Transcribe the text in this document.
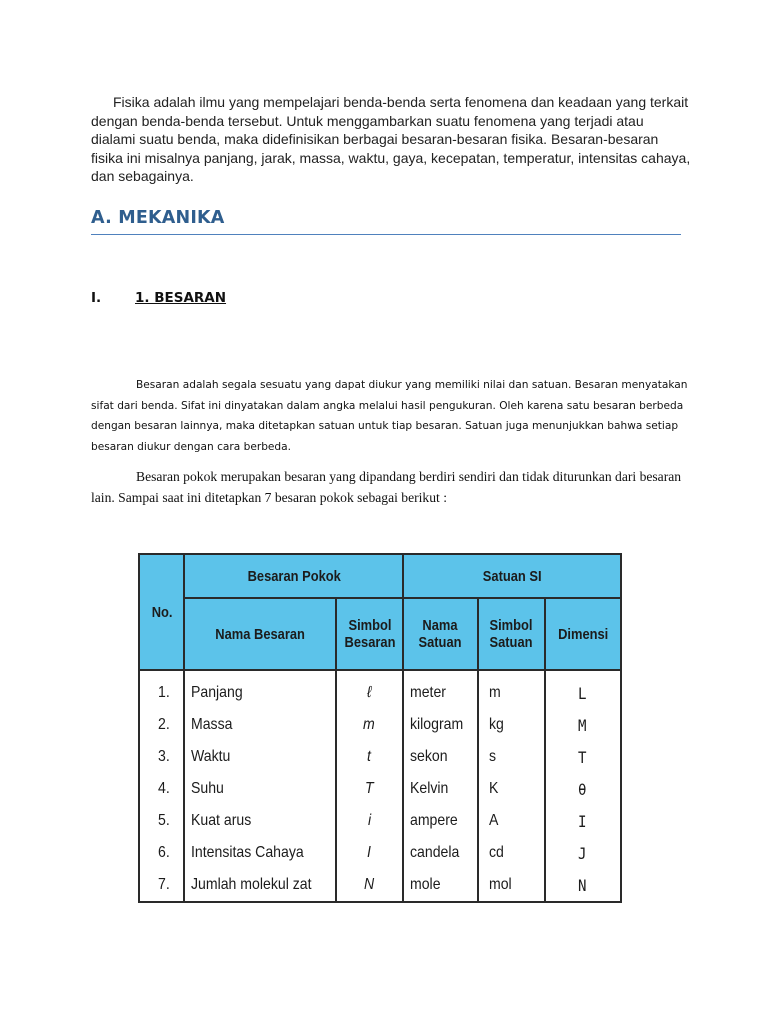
Fisika adalah ilmu yang mempelajari benda-benda serta fenomena dan keadaan yang terkait dengan benda-benda tersebut. Untuk menggambarkan suatu fenomena yang terjadi atau dialami suatu benda, maka didefinisikan berbagai besaran-besaran fisika. Besaran-besaran fisika ini misalnya panjang, jarak, massa, waktu, gaya, kecepatan, temperatur, intensitas cahaya, dan sebagainya.
A. MEKANIKA
I.	1. BESARAN
Besaran adalah segala sesuatu yang dapat diukur yang memiliki nilai dan satuan. Besaran menyatakan sifat dari benda. Sifat ini dinyatakan dalam angka melalui hasil pengukuran. Oleh karena satu besaran berbeda dengan besaran lainnya, maka ditetapkan satuan untuk tiap besaran. Satuan juga menunjukkan bahwa setiap besaran diukur dengan cara berbeda.
Besaran pokok merupakan besaran yang dipandang berdiri sendiri dan tidak diturunkan dari besaran lain. Sampai saat ini ditetapkan 7 besaran pokok sebagai berikut :
No.	Besaran Pokok		Satuan SI		
	Nama Besaran	Simbol Besaran	Nama Satuan	Simbol Satuan	Dimensi
1.	Panjang	ℓ	meter	m	L
2.	Massa	m	kilogram	kg	M
3.	Waktu	t	sekon	s	T
4.	Suhu	T	Kelvin	K	θ
5.	Kuat arus	i	ampere	A	I
6.	Intensitas Cahaya	I	candela	cd	J
7.	Jumlah molekul zat	N	mole	mol	N
